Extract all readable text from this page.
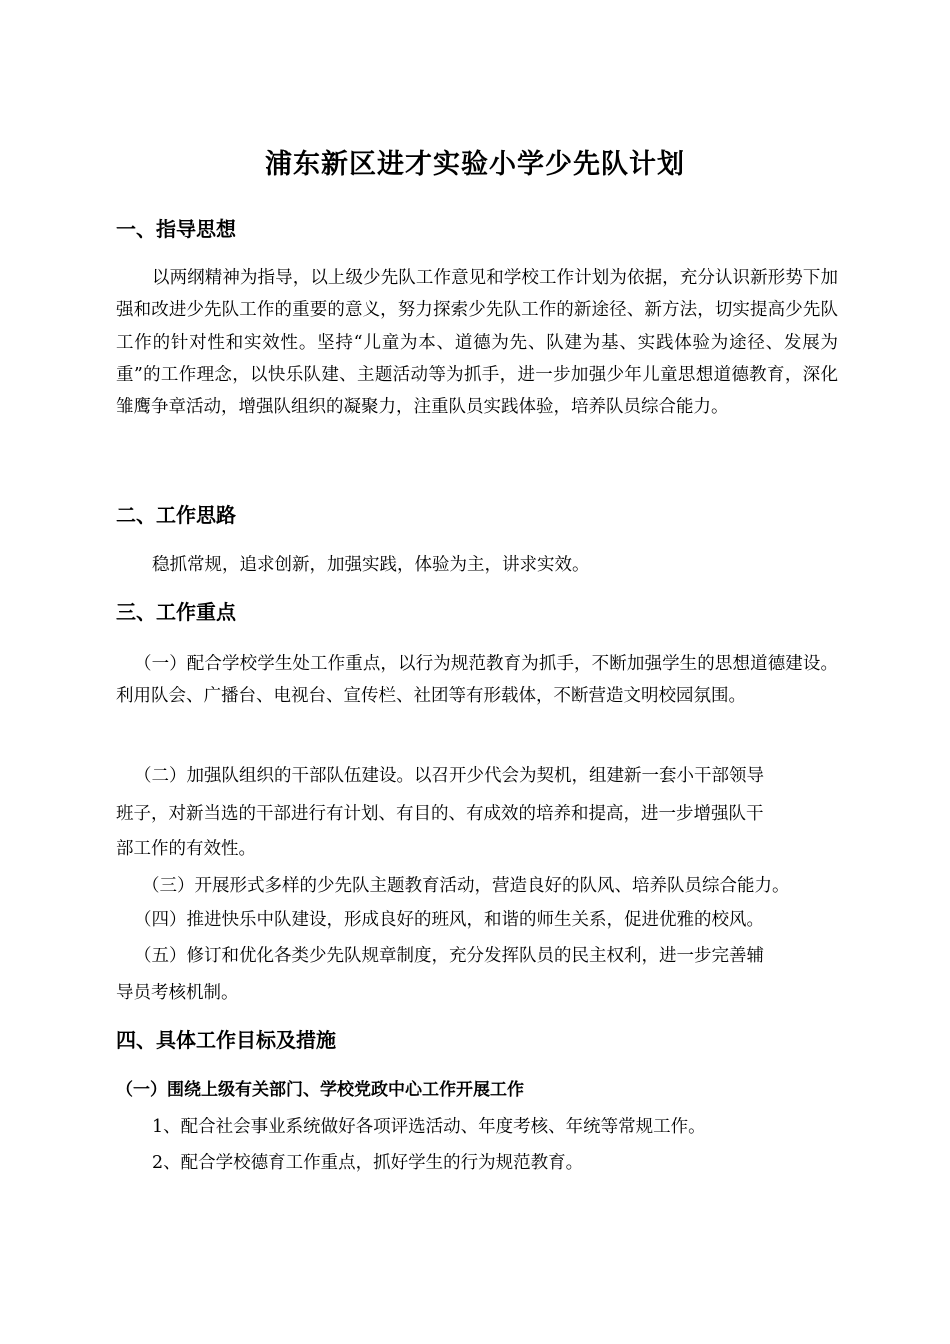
浦东新区进才实验小学少先队计划
一、指导思想
以两纲精神为指导，以上级少先队工作意见和学校工作计划为依据，充分认识新形势下加强和改进少先队工作的重要的意义，努力探索少先队工作的新途径、新方法，切实提高少先队工作的针对性和实效性。坚持“儿童为本、道德为先、队建为基、实践体验为途径、发展为重”的工作理念，以快乐队建、主题活动等为抓手，进一步加强少年儿童思想道德教育，深化雏鹰争章活动，增强队组织的凝聚力，注重队员实践体验，培养队员综合能力。
二、工作思路
稳抓常规，追求创新，加强实践，体验为主，讲求实效。
三、工作重点
（一）配合学校学生处工作重点，以行为规范教育为抓手，不断加强学生的思想道德建设。利用队会、广播台、电视台、宣传栏、社团等有形载体，不断营造文明校园氛围。
（二）加强队组织的干部队伍建设。以召开少代会为契机，组建新一套小干部领导
班子，对新当选的干部进行有计划、有目的、有成效的培养和提高，进一步增强队干
部工作的有效性。
（三）开展形式多样的少先队主题教育活动，营造良好的队风、培养队员综合能力。
（四）推进快乐中队建设，形成良好的班风，和谐的师生关系，促进优雅的校风。
（五）修订和优化各类少先队规章制度，充分发挥队员的民主权利，进一步完善辅
导员考核机制。
四、具体工作目标及措施
（一）围绕上级有关部门、学校党政中心工作开展工作
1、配合社会事业系统做好各项评选活动、年度考核、年统等常规工作。
2、配合学校德育工作重点，抓好学生的行为规范教育。
